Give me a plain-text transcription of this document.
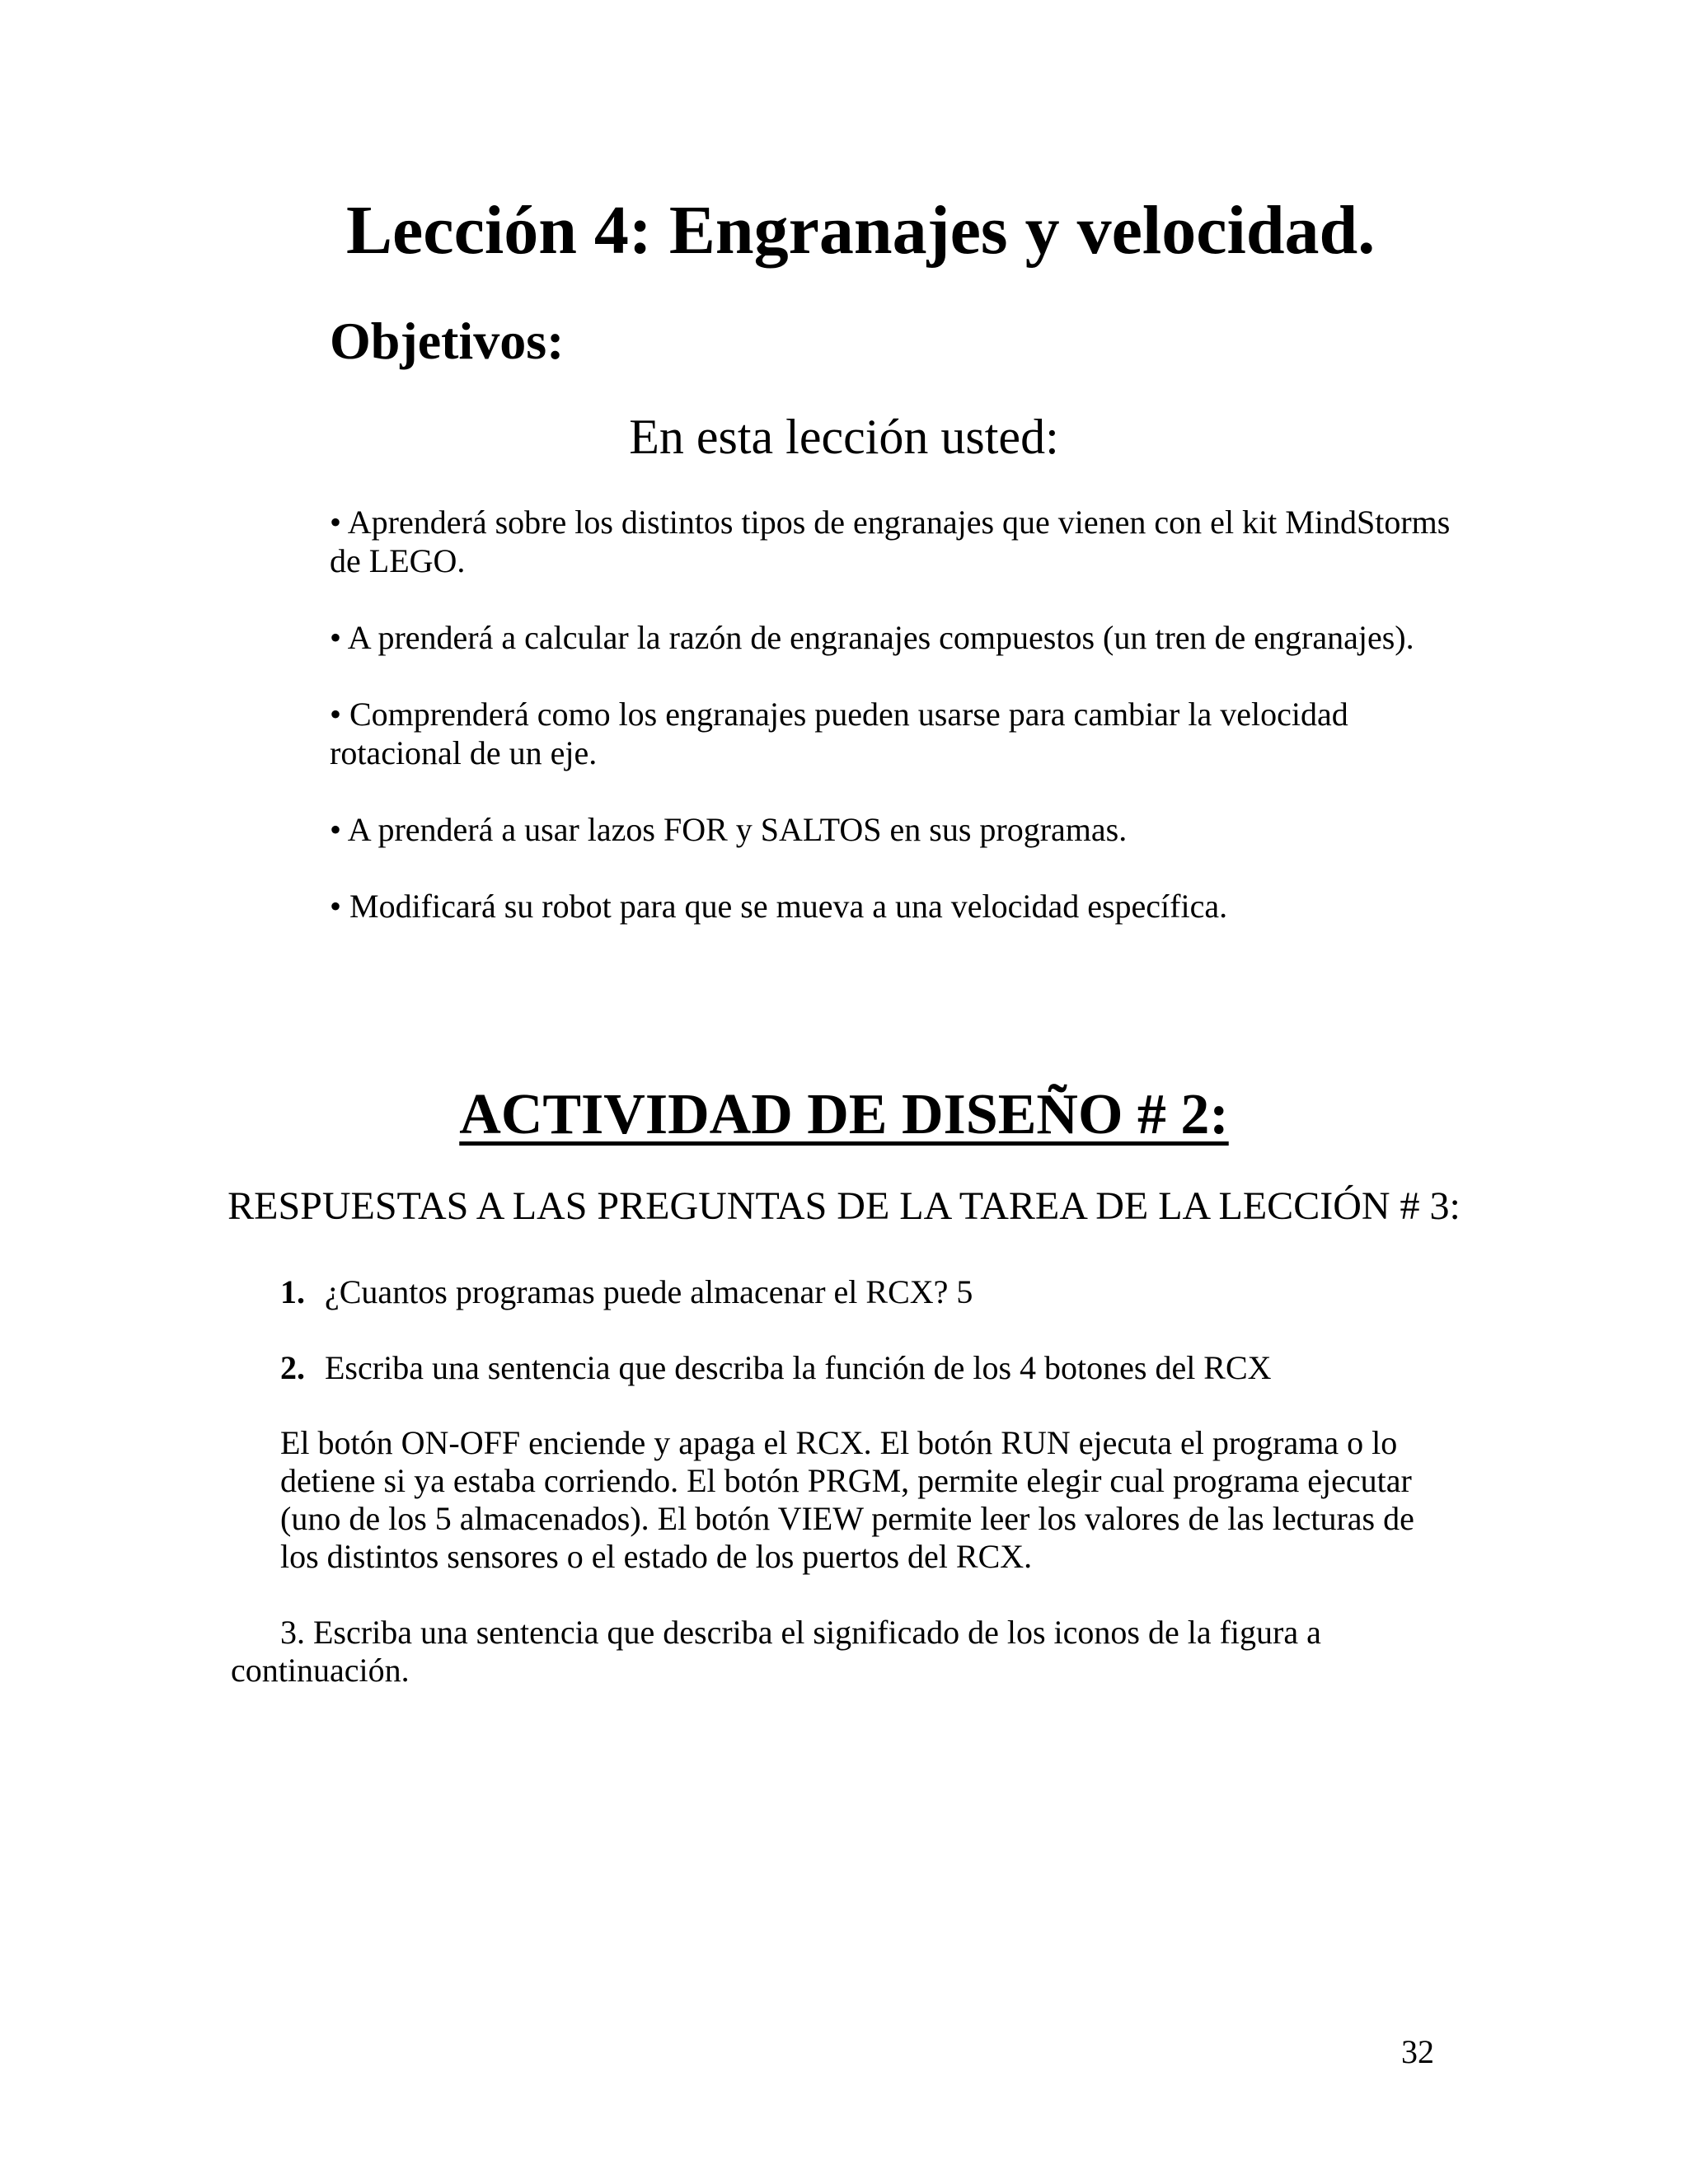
Lección 4: Engranajes y velocidad.
Objetivos:

En esta lección usted:

• Aprenderá sobre los distintos tipos de engranajes que vienen con el kit MindStorms de LEGO.
• A prenderá a calcular la razón de engranajes compuestos (un tren de engranajes).
• Comprenderá como los engranajes pueden usarse para cambiar la velocidad rotacional de un eje.
• A prenderá a usar lazos FOR y SALTOS en sus programas.
• Modificará su robot para que se mueva a una velocidad específica.
ACTIVIDAD DE DISEÑO # 2:

RESPUESTAS A LAS PREGUNTAS DE LA TAREA DE LA LECCIÓN # 3:

1. ¿Cuantos programas puede almacenar el RCX? 5

2. Escriba una sentencia que describa la función de los 4 botones del RCX

El botón ON-OFF enciende y apaga el RCX. El botón RUN ejecuta el programa o lo detiene si ya estaba corriendo. El botón PRGM, permite elegir cual programa ejecutar (uno de los 5 almacenados). El botón VIEW permite leer los valores de las lecturas de los distintos sensores o el estado de los puertos del RCX.

3. Escriba una sentencia que describa el significado de los iconos de la figura a continuación.

32
